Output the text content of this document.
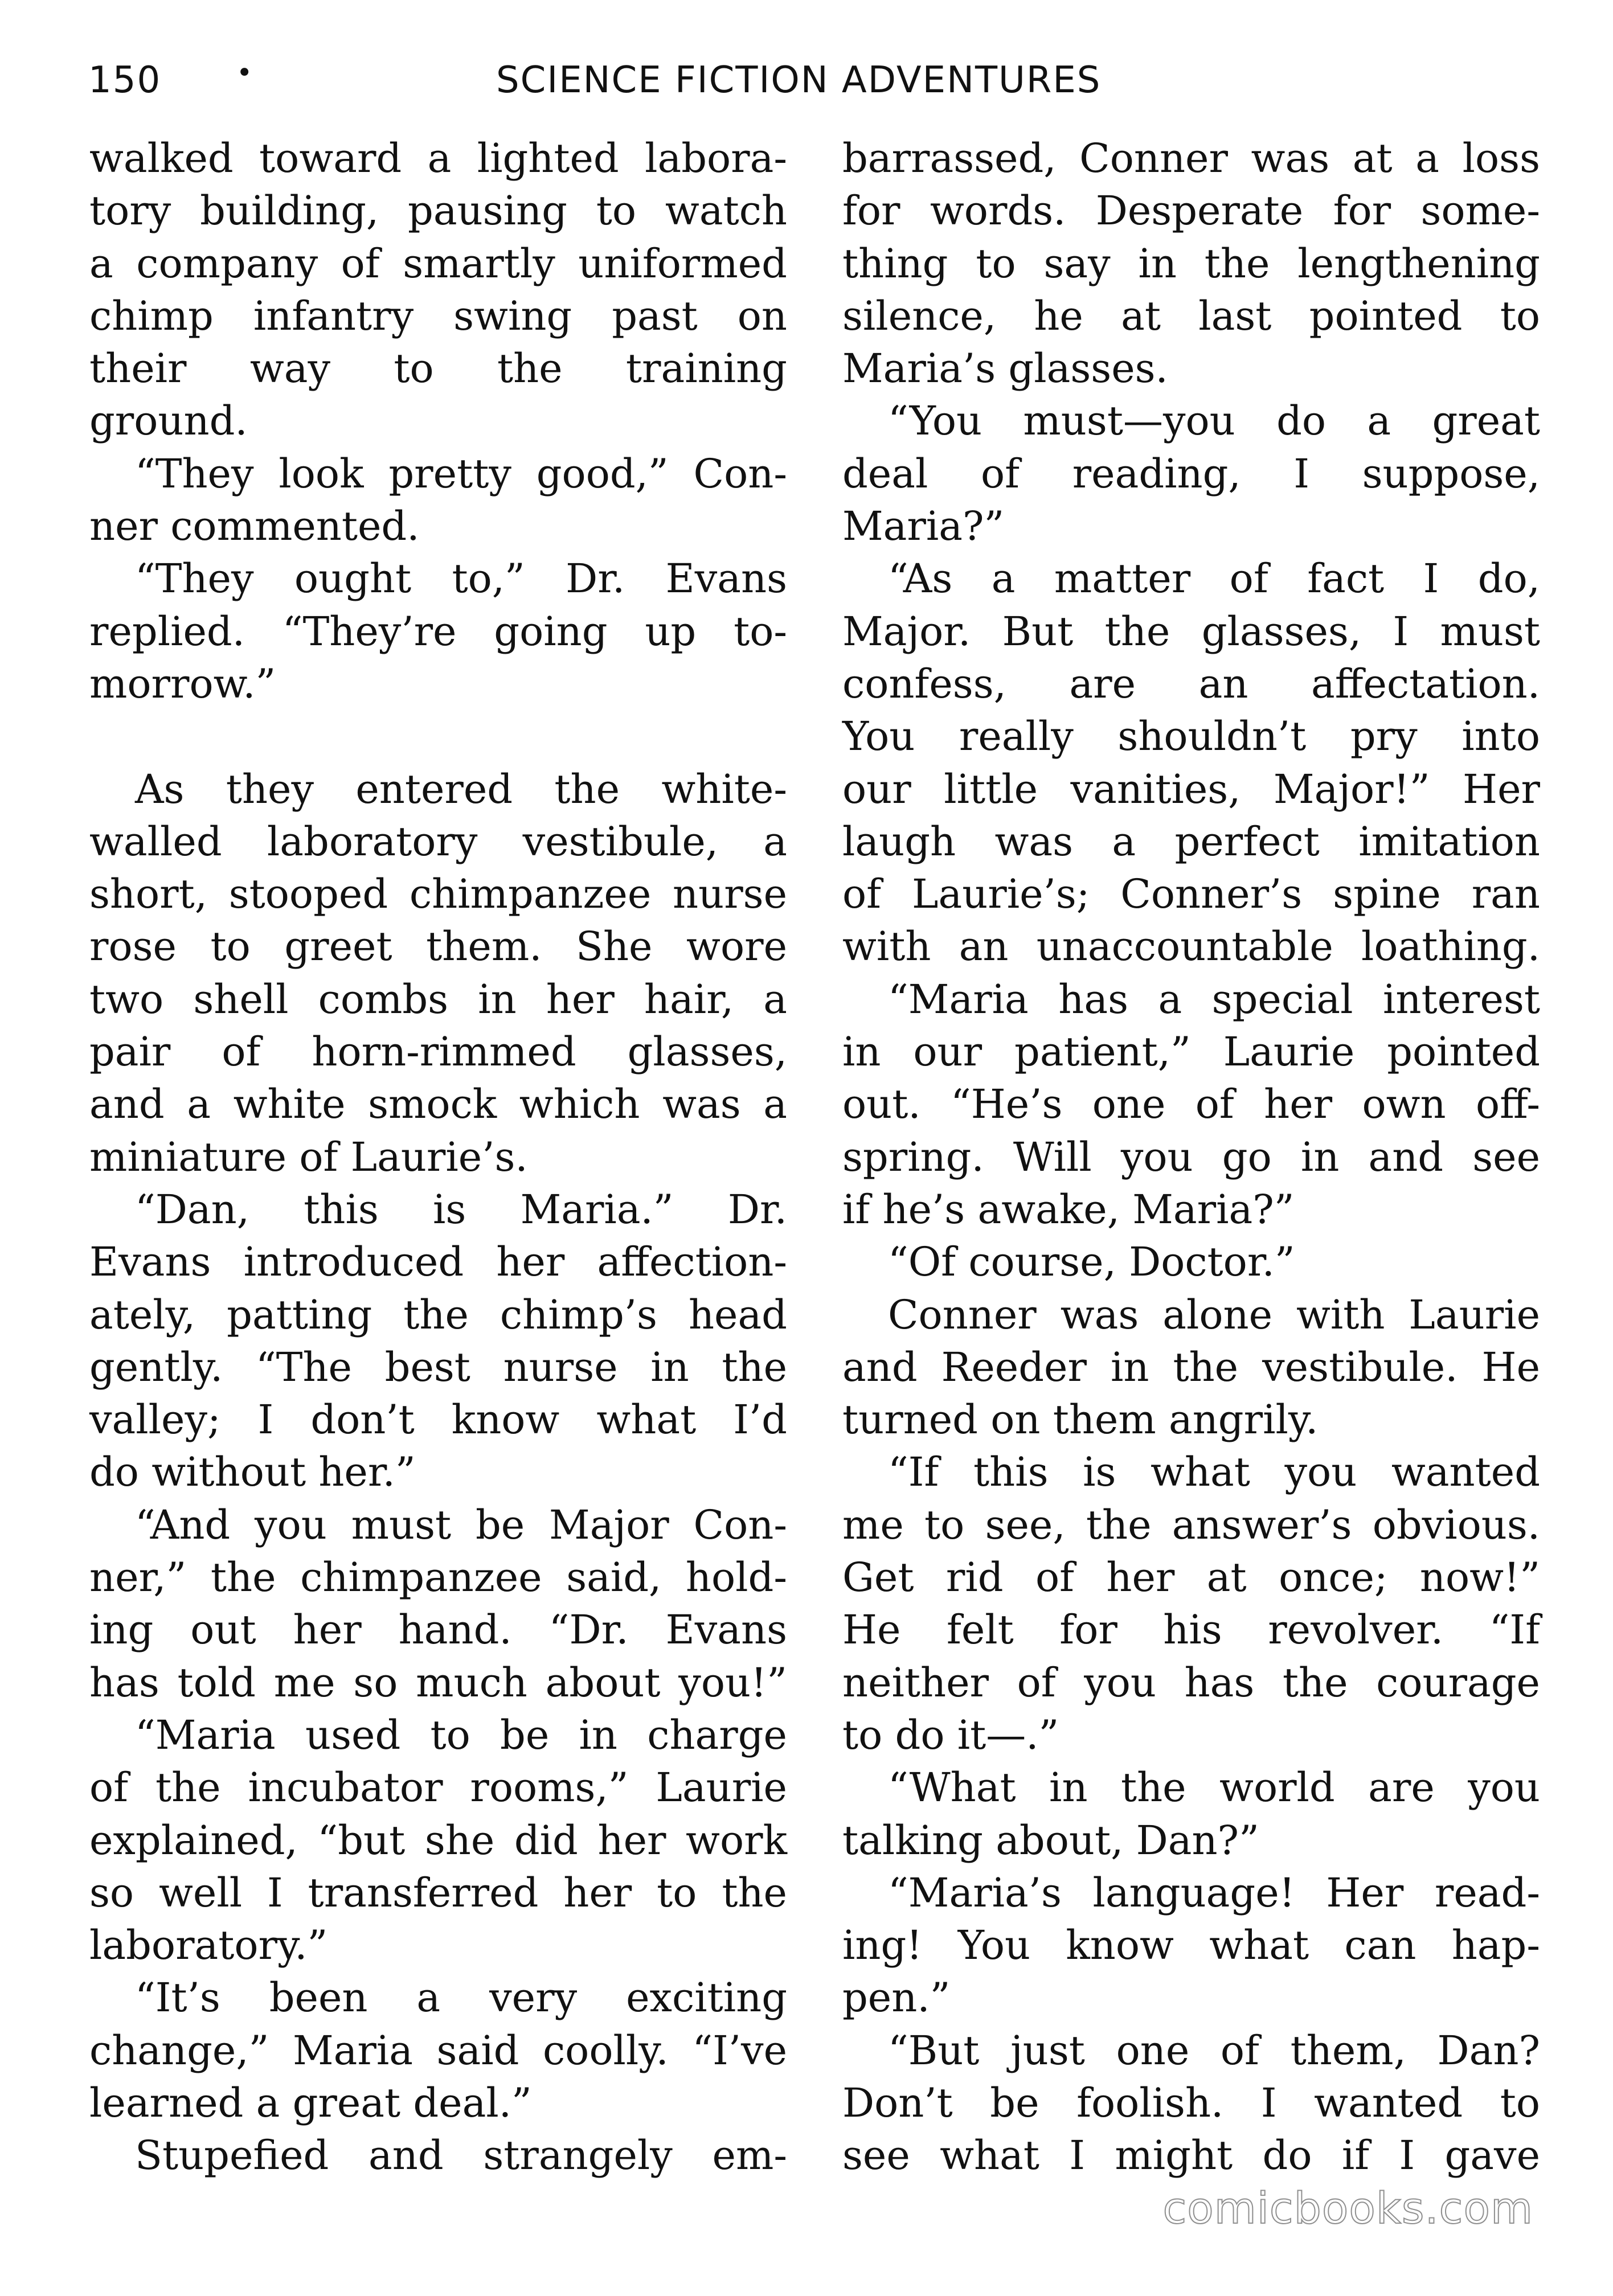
150	•	SCIENCE FICTION ADVENTURES
walked toward a lighted labora-
tory building, pausing to watch
a company of smartly uniformed
chimp infantry swing past on
their way to the training
ground.
“They look pretty good,” Con-
ner commented.
“They ought to,” Dr. Evans
replied. “They’re going up to-
morrow.”
As they entered the white-
walled laboratory vestibule, a
short, stooped chimpanzee nurse
rose to greet them. She wore
two shell combs in her hair, a
pair of horn-rimmed glasses,
and a white smock which was a
miniature of Laurie’s.
“Dan, this is Maria.” Dr.
Evans introduced her affection-
ately, patting the chimp’s head
gently. “The best nurse in the
valley; I don’t know what I’d
do without her.”
“And you must be Major Con-
ner,” the chimpanzee said, hold-
ing out her hand. “Dr. Evans
has told me so much about you!”
“Maria used to be in charge
of the incubator rooms,” Laurie
explained, “but she did her work
so well I transferred her to the
laboratory.”
“It’s been a very exciting
change,” Maria said coolly. “I’ve
learned a great deal.”
Stupefied and strangely em-
barrassed, Conner was at a loss
for words. Desperate for some-
thing to say in the lengthening
silence, he at last pointed to
Maria’s glasses.
“You must—you do a great
deal of reading, I suppose,
Maria?”
“As a matter of fact I do,
Major. But the glasses, I must
confess, are an affectation.
You really shouldn’t pry into
our little vanities, Major!” Her
laugh was a perfect imitation
of Laurie’s; Conner’s spine ran
with an unaccountable loathing.
“Maria has a special interest
in our patient,” Laurie pointed
out. “He’s one of her own off-
spring. Will you go in and see
if he’s awake, Maria?”
“Of course, Doctor.”
Conner was alone with Laurie
and Reeder in the vestibule. He
turned on them angrily.
“If this is what you wanted
me to see, the answer’s obvious.
Get rid of her at once; now!”
He felt for his revolver. “If
neither of you has the courage
to do it—.”
“What in the world are you
talking about, Dan?”
“Maria’s language! Her read-
ing! You know what can hap-
pen.”
“But just one of them, Dan?
Don’t be foolish. I wanted to
see what I might do if I gave
comicbooks.com
